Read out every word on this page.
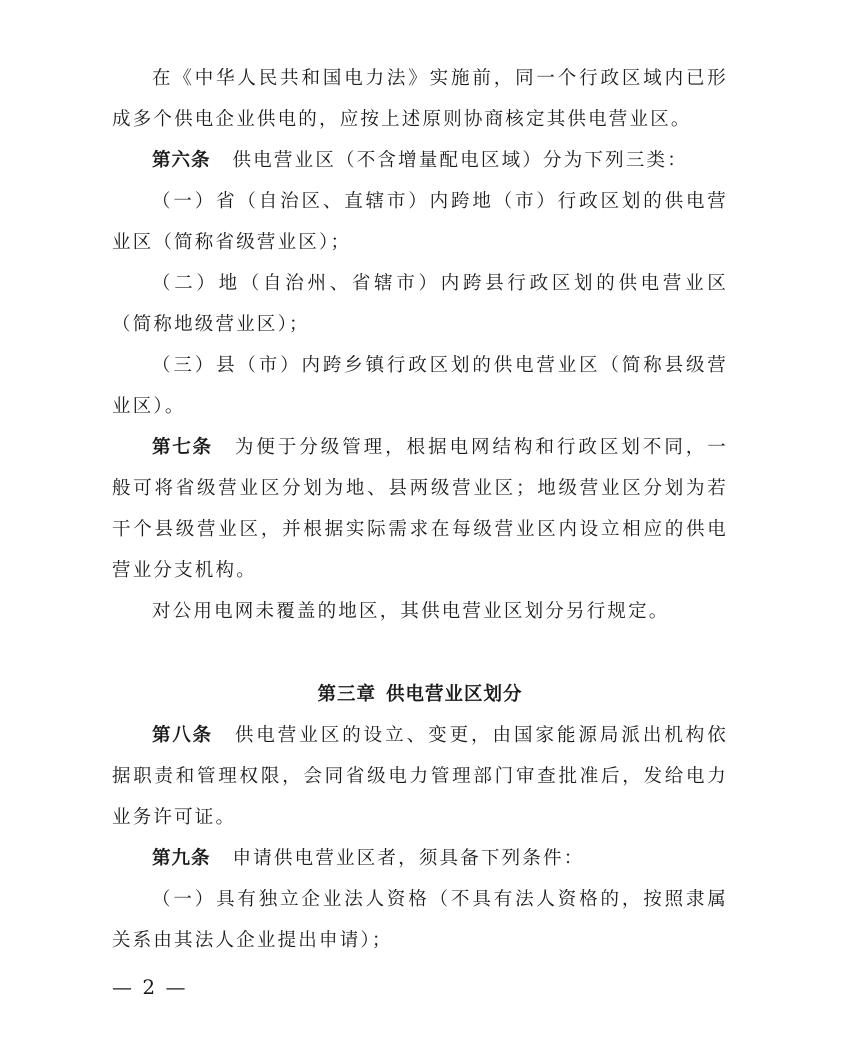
在《中华人民共和国电力法》实施前，同一个行政区域内已形成多个供电企业供电的，应按上述原则协商核定其供电营业区。

第六条 供电营业区（不含增量配电区域）分为下列三类：

（一）省（自治区、直辖市）内跨地（市）行政区划的供电营业区（简称省级营业区）；

（二）地（自治州、省辖市）内跨县行政区划的供电营业区（简称地级营业区）；

（三）县（市）内跨乡镇行政区划的供电营业区（简称县级营业区）。

第七条 为便于分级管理，根据电网结构和行政区划不同，一般可将省级营业区分划为地、县两级营业区；地级营业区分划为若干个县级营业区，并根据实际需求在每级营业区内设立相应的供电营业分支机构。

对公用电网未覆盖的地区，其供电营业区划分另行规定。

第三章 供电营业区划分

第八条 供电营业区的设立、变更，由国家能源局派出机构依据职责和管理权限，会同省级电力管理部门审查批准后，发给电力业务许可证。

第九条 申请供电营业区者，须具备下列条件：

（一）具有独立企业法人资格（不具有法人资格的，按照隶属关系由其法人企业提出申请）；

— 2 —
